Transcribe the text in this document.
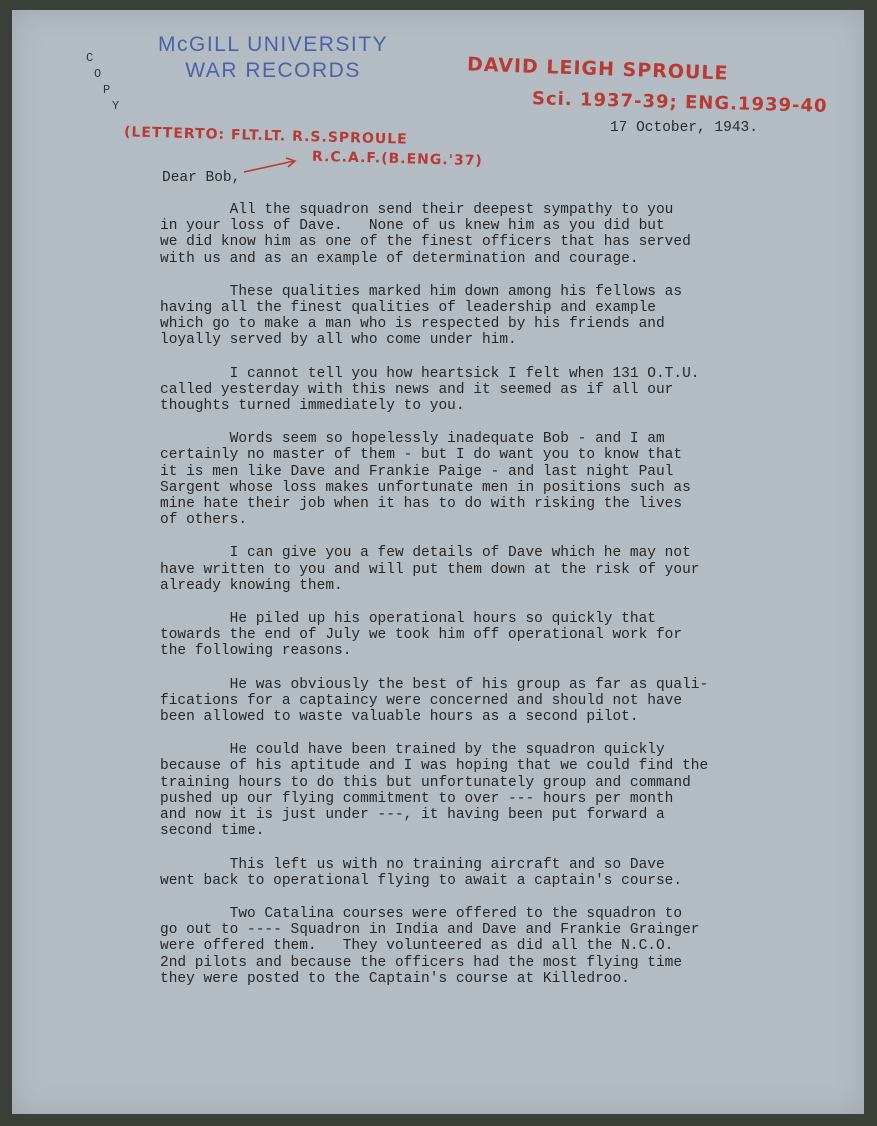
McGILL UNIVERSITY
WAR RECORDS
C
O
P
Y
DAVID LEIGH SPROULE
Sci. 1937-39; ENG.1939-40
(LETTERTO: FLT.LT. R.S.SPROULE
R.C.A.F.(B.ENG.'37)
17 October, 1943.
Dear Bob,
All the squadron send their deepest sympathy to you
in your loss of Dave.   None of us knew him as you did but
we did know him as one of the finest officers that has served
with us and as an example of determination and courage.
These qualities marked him down among his fellows as
having all the finest qualities of leadership and example
which go to make a man who is respected by his friends and
loyally served by all who come under him.
I cannot tell you how heartsick I felt when 131 O.T.U.
called yesterday with this news and it seemed as if all our
thoughts turned immediately to you.
Words seem so hopelessly inadequate Bob - and I am
certainly no master of them - but I do want you to know that
it is men like Dave and Frankie Paige - and last night Paul
Sargent whose loss makes unfortunate men in positions such as
mine hate their job when it has to do with risking the lives
of others.
I can give you a few details of Dave which he may not
have written to you and will put them down at the risk of your
already knowing them.
He piled up his operational hours so quickly that
towards the end of July we took him off operational work for
the following reasons.
He was obviously the best of his group as far as quali-
fications for a captaincy were concerned and should not have
been allowed to waste valuable hours as a second pilot.
He could have been trained by the squadron quickly
because of his aptitude and I was hoping that we could find the
training hours to do this but unfortunately group and command
pushed up our flying commitment to over --- hours per month
and now it is just under ---, it having been put forward a
second time.
This left us with no training aircraft and so Dave
went back to operational flying to await a captain's course.
Two Catalina courses were offered to the squadron to
go out to ---- Squadron in India and Dave and Frankie Grainger
were offered them.   They volunteered as did all the N.C.O.
2nd pilots and because the officers had the most flying time
they were posted to the Captain's course at Killedroo.
